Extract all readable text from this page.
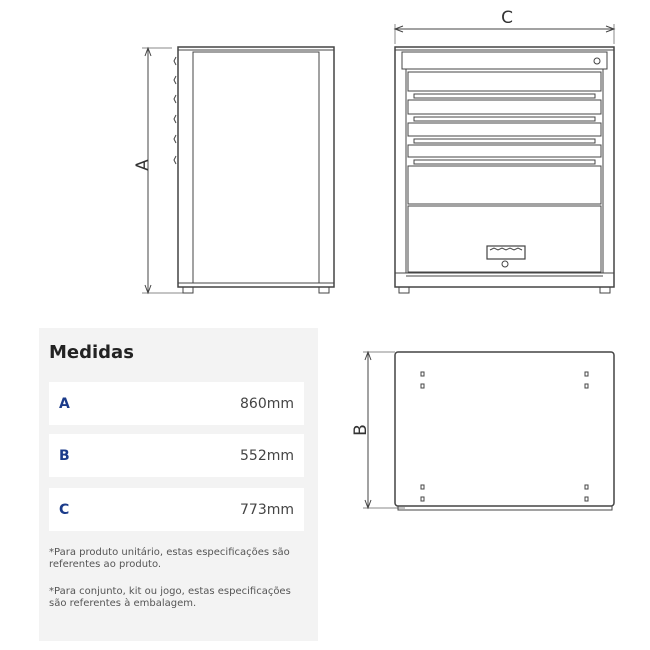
A
C
B
Medidas
A	860mm
B	552mm
C	773mm
*Para produto unitário, estas especificações são referentes ao produto.
*Para conjunto, kit ou jogo, estas especificações são referentes à embalagem.
